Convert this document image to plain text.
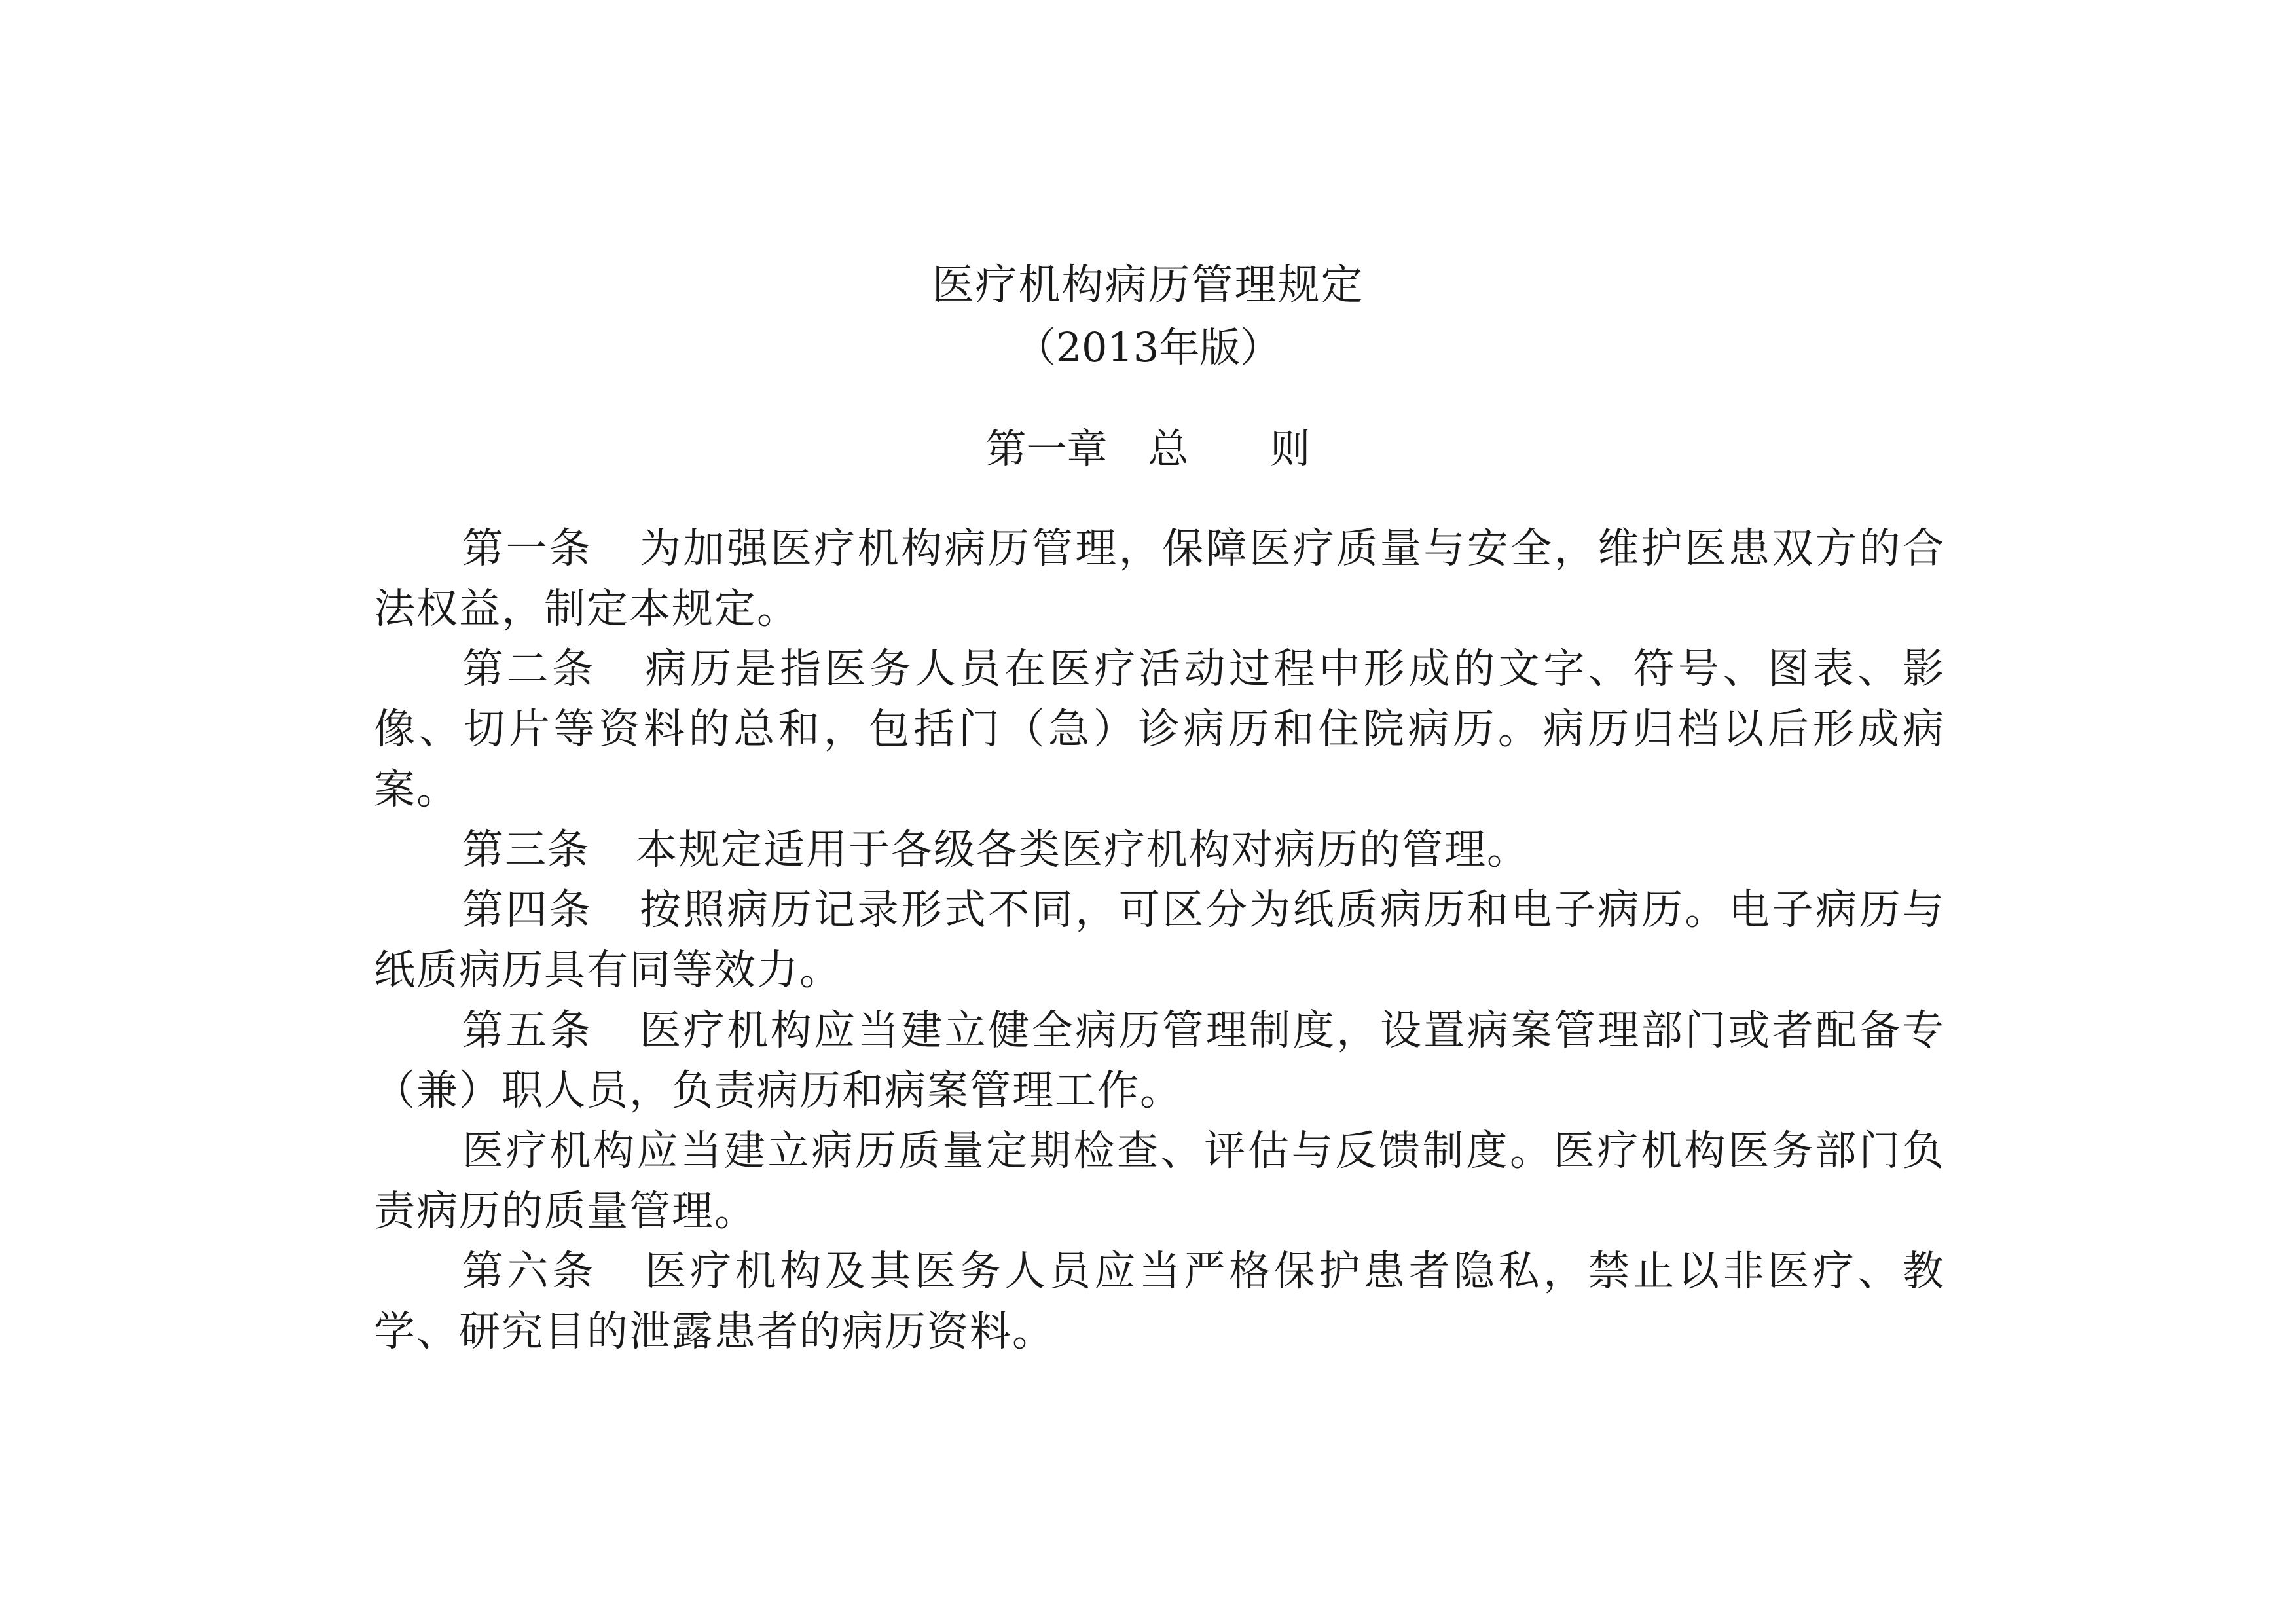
医疗机构病历管理规定
（2013年版）
第一章　总　　则

第一条 为加强医疗机构病历管理，保障医疗质量与安全，维护医患双方的合法权益，制定本规定。

第二条 病历是指医务人员在医疗活动过程中形成的文字、符号、图表、影像、切片等资料的总和，包括门（急）诊病历和住院病历。病历归档以后形成病案。

第三条 本规定适用于各级各类医疗机构对病历的管理。

第四条 按照病历记录形式不同，可区分为纸质病历和电子病历。电子病历与纸质病历具有同等效力。

第五条 医疗机构应当建立健全病历管理制度，设置病案管理部门或者配备专（兼）职人员，负责病历和病案管理工作。

医疗机构应当建立病历质量定期检查、评估与反馈制度。医疗机构医务部门负责病历的质量管理。

第六条 医疗机构及其医务人员应当严格保护患者隐私，禁止以非医疗、教学、研究目的泄露患者的病历资料。
